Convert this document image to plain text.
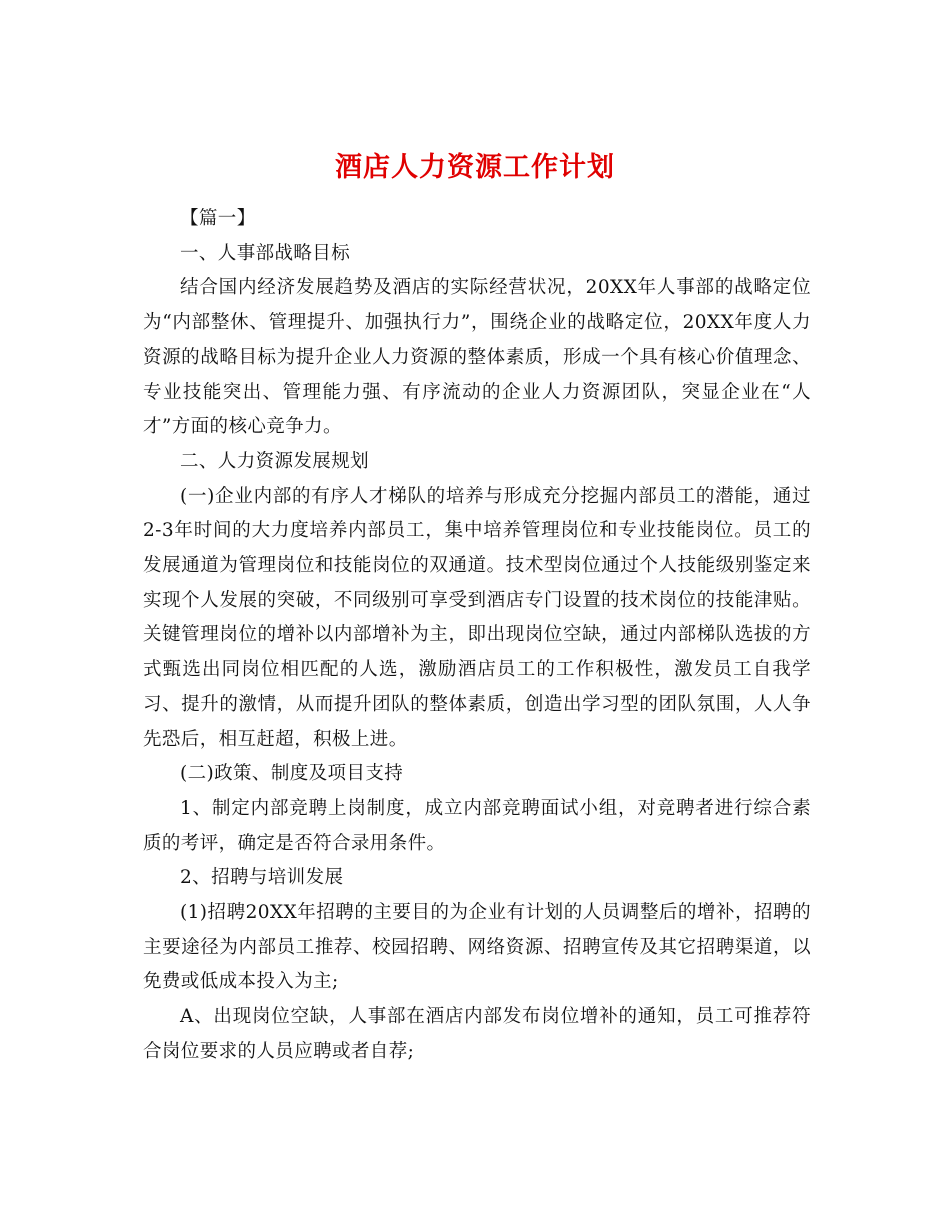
酒店人力资源工作计划

【篇一】

一、人事部战略目标

结合国内经济发展趋势及酒店的实际经营状况，20XX年人事部的战略定位为“内部整休、管理提升、加强执行力”，围绕企业的战略定位，20XX年度人力资源的战略目标为提升企业人力资源的整体素质，形成一个具有核心价值理念、专业技能突出、管理能力强、有序流动的企业人力资源团队，突显企业在“人才”方面的核心竞争力。

二、人力资源发展规划

(一)企业内部的有序人才梯队的培养与形成充分挖掘内部员工的潜能，通过2-3年时间的大力度培养内部员工，集中培养管理岗位和专业技能岗位。员工的发展通道为管理岗位和技能岗位的双通道。技术型岗位通过个人技能级别鉴定来实现个人发展的突破，不同级别可享受到酒店专门设置的技术岗位的技能津贴。关键管理岗位的增补以内部增补为主，即出现岗位空缺，通过内部梯队选拔的方式甄选出同岗位相匹配的人选，激励酒店员工的工作积极性，激发员工自我学习、提升的激情，从而提升团队的整体素质，创造出学习型的团队氛围，人人争先恐后，相互赶超，积极上进。

(二)政策、制度及项目支持

1、制定内部竞聘上岗制度，成立内部竞聘面试小组，对竞聘者进行综合素质的考评，确定是否符合录用条件。

2、招聘与培训发展

(1)招聘20XX年招聘的主要目的为企业有计划的人员调整后的增补，招聘的主要途径为内部员工推荐、校园招聘、网络资源、招聘宣传及其它招聘渠道，以免费或低成本投入为主;

A、出现岗位空缺，人事部在酒店内部发布岗位增补的通知，员工可推荐符合岗位要求的人员应聘或者自荐;
